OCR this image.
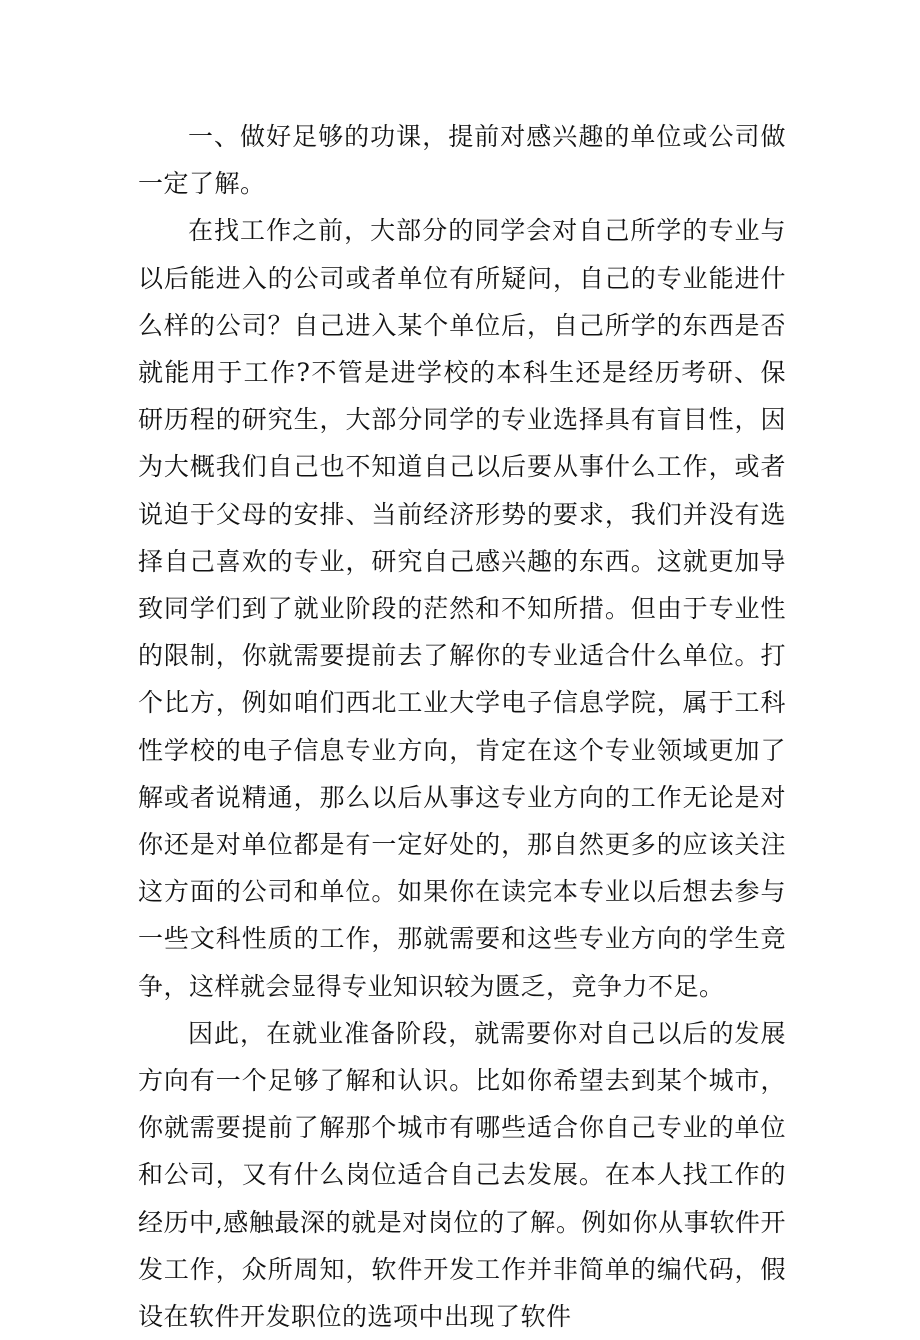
一、做好足够的功课，提前对感兴趣的单位或公司做一定了解。

在找工作之前，大部分的同学会对自己所学的专业与以后能进入的公司或者单位有所疑问，自己的专业能进什么样的公司？自己进入某个单位后，自己所学的东西是否就能用于工作?不管是进学校的本科生还是经历考研、保研历程的研究生，大部分同学的专业选择具有盲目性，因为大概我们自己也不知道自己以后要从事什么工作，或者说迫于父母的安排、当前经济形势的要求，我们并没有选择自己喜欢的专业，研究自己感兴趣的东西。这就更加导致同学们到了就业阶段的茫然和不知所措。但由于专业性的限制，你就需要提前去了解你的专业适合什么单位。打个比方，例如咱们西北工业大学电子信息学院，属于工科性学校的电子信息专业方向，肯定在这个专业领域更加了解或者说精通，那么以后从事这专业方向的工作无论是对你还是对单位都是有一定好处的，那自然更多的应该关注这方面的公司和单位。如果你在读完本专业以后想去参与一些文科性质的工作，那就需要和这些专业方向的学生竞争，这样就会显得专业知识较为匮乏，竞争力不足。

因此，在就业准备阶段，就需要你对自己以后的发展方向有一个足够了解和认识。比如你希望去到某个城市，你就需要提前了解那个城市有哪些适合你自己专业的单位和公司，又有什么岗位适合自己去发展。在本人找工作的经历中,感触最深的就是对岗位的了解。例如你从事软件开发工作，众所周知，软件开发工作并非简单的编代码，假设在软件开发职位的选项中出现了软件
